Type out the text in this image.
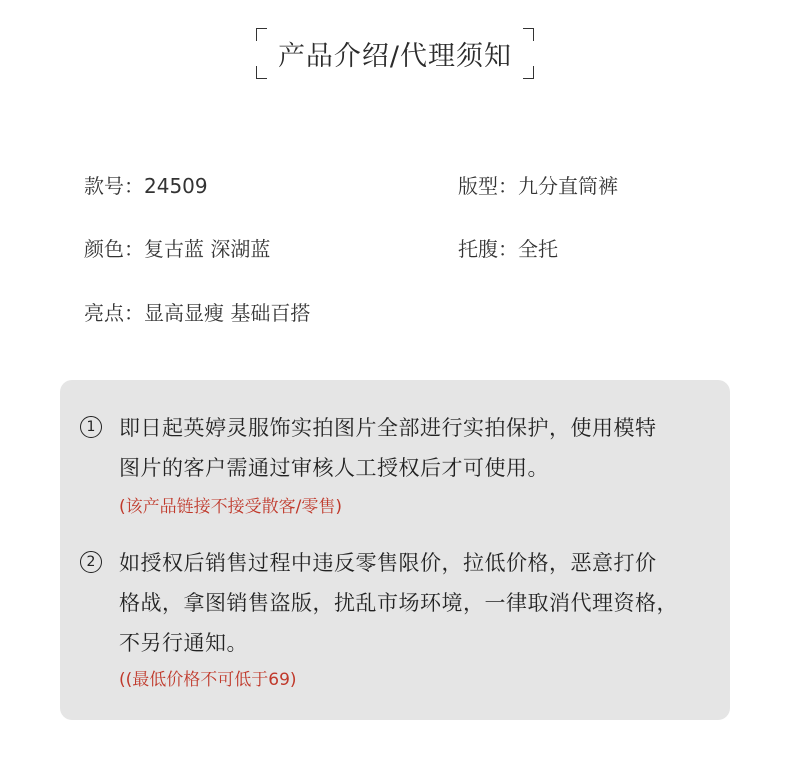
产品介绍/代理须知
款号：24509	版型：九分直筒裤
颜色：复古蓝 深湖蓝	托腹：全托
亮点：显高显瘦 基础百搭
1	即日起英婷灵服饰实拍图片全部进行实拍保护，使用模特
图片的客户需通过审核人工授权后才可使用。
(该产品链接不接受散客/零售)
2	如授权后销售过程中违反零售限价，拉低价格，恶意打价
格战，拿图销售盗版，扰乱市场环境，一律取消代理资格，
不另行通知。
((最低价格不可低于69)
